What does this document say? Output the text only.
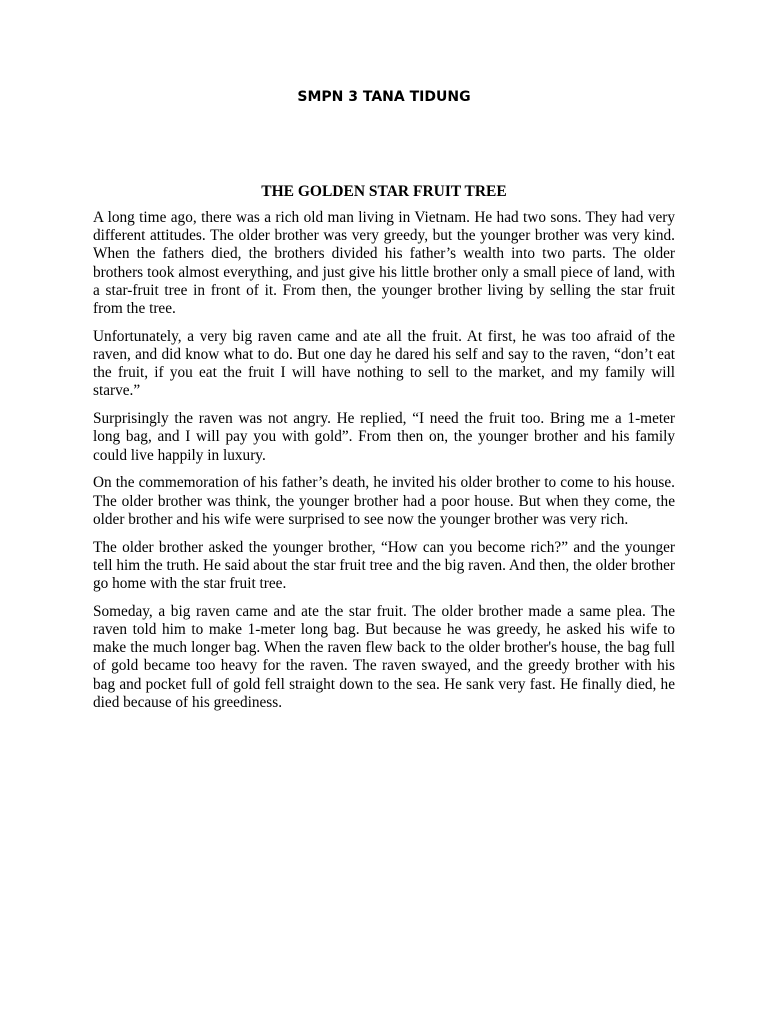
SMPN 3 TANA TIDUNG
THE GOLDEN STAR FRUIT TREE

A long time ago, there was a rich old man living in Vietnam. He had two sons. They had very different attitudes. The older brother was very greedy, but the younger brother was very kind. When the fathers died, the brothers divided his father’s wealth into two parts. The older brothers took almost everything, and just give his little brother only a small piece of land, with a star-fruit tree in front of it. From then, the younger brother living by selling the star fruit from the tree.

Unfortunately, a very big raven came and ate all the fruit. At first, he was too afraid of the raven, and did know what to do. But one day he dared his self and say to the raven, “don’t eat the fruit, if you eat the fruit I will have nothing to sell to the market, and my family will starve.”

Surprisingly the raven was not angry. He replied, “I need the fruit too. Bring me a 1-meter long bag, and I will pay you with gold”. From then on, the younger brother and his family could live happily in luxury.

On the commemoration of his father’s death, he invited his older brother to come to his house. The older brother was think, the younger brother had a poor house. But when they come, the older brother and his wife were surprised to see now the younger brother was very rich.

The older brother asked the younger brother, “How can you become rich?” and the younger tell him the truth. He said about the star fruit tree and the big raven. And then, the older brother go home with the star fruit tree.

Someday, a big raven came and ate the star fruit. The older brother made a same plea. The raven told him to make 1-meter long bag. But because he was greedy, he asked his wife to make the much longer bag. When the raven flew back to the older brother's house, the bag full of gold became too heavy for the raven. The raven swayed, and the greedy brother with his bag and pocket full of gold fell straight down to the sea. He sank very fast. He finally died, he died because of his greediness.
